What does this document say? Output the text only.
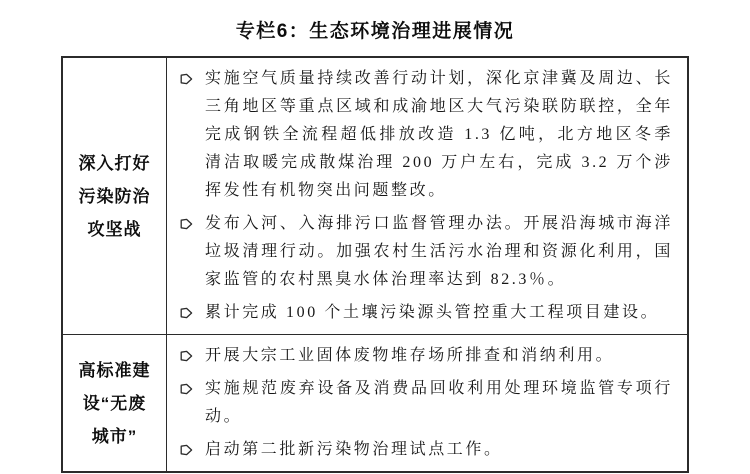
专栏6：生态环境治理进展情况
深入打好
污染防治
攻坚战
实施空气质量持续改善行动计划，深化京津冀及周边、长三角地区等重点区域和成渝地区大气污染联防联控，全年完成钢铁全流程超低排放改造 1.3 亿吨，北方地区冬季清洁取暖完成散煤治理 200 万户左右，完成 3.2 万个涉挥发性有机物突出问题整改。
发布入河、入海排污口监督管理办法。开展沿海城市海洋垃圾清理行动。加强农村生活污水治理和资源化利用，国家监管的农村黑臭水体治理率达到 82.3％。
累计完成 100 个土壤污染源头管控重大工程项目建设。
高标准建
设“无废
城市”
开展大宗工业固体废物堆存场所排查和消纳利用。
实施规范废弃设备及消费品回收利用处理环境监管专项行动。
启动第二批新污染物治理试点工作。
